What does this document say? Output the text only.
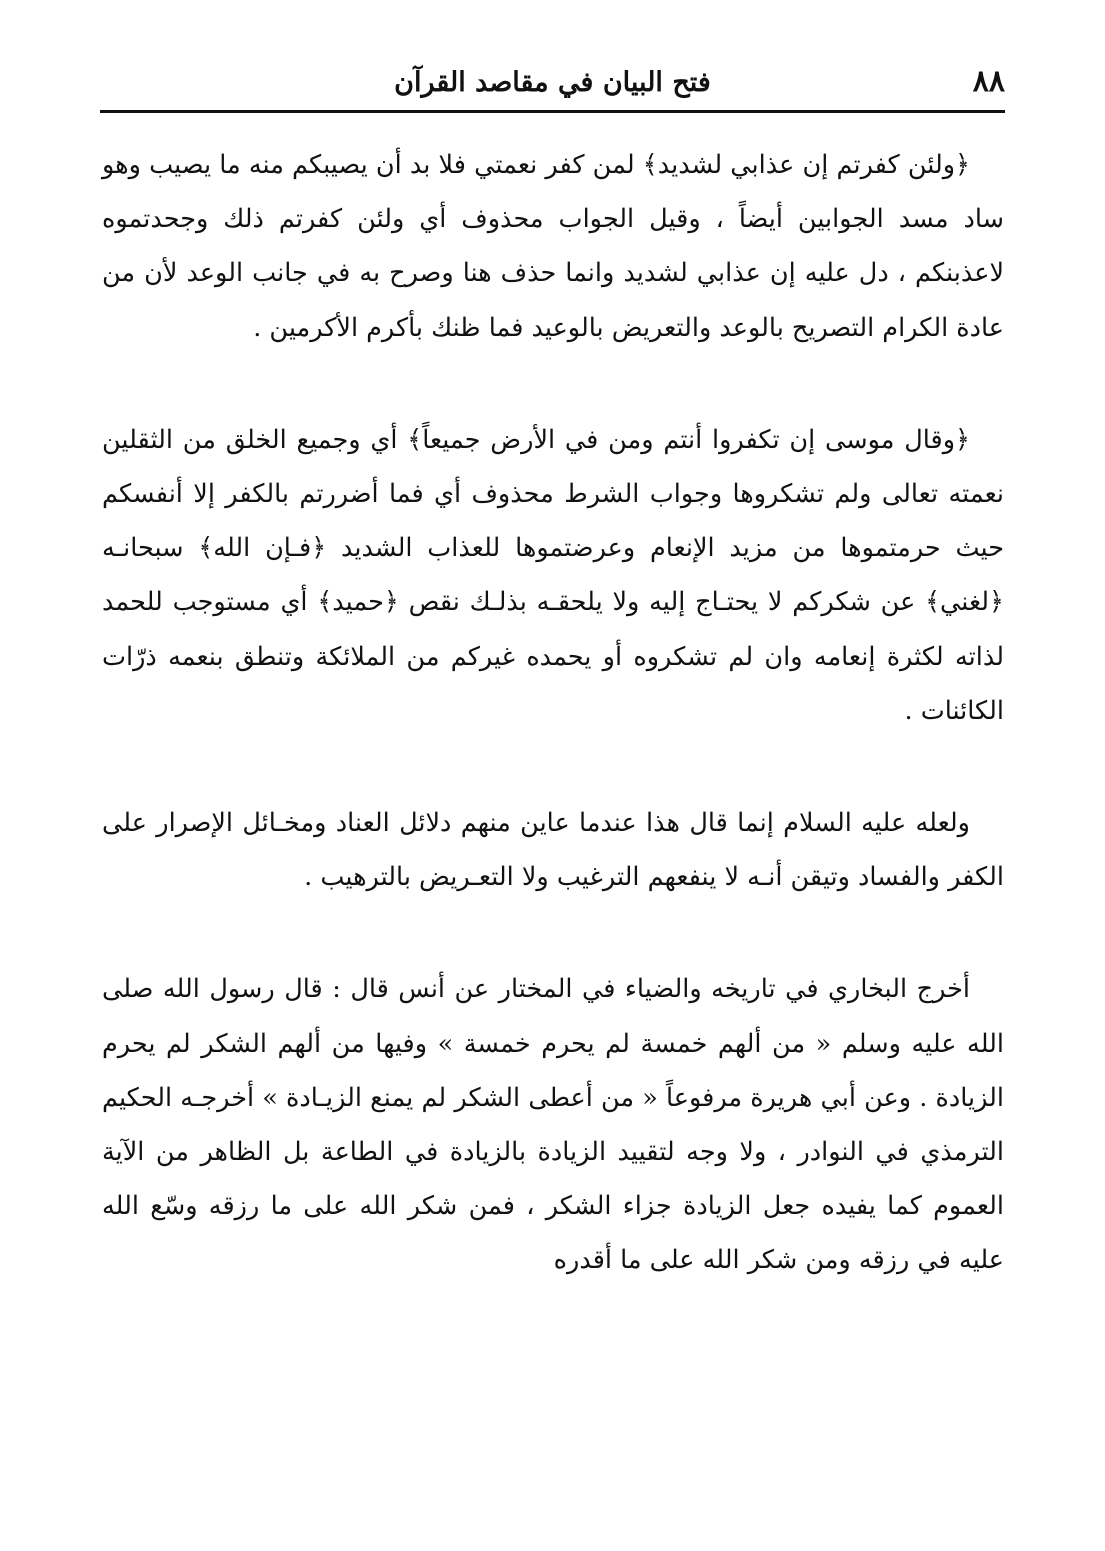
٨٨
فتح البيان في مقاصد القرآن

﴿ولئن كفرتم إن عذابي لشديد﴾ لمن كفر نعمتي فلا بد أن يصيبكم منه ما يصيب وهو ساد مسد الجوابين أيضاً ، وقيل الجواب محذوف أي ولئن كفرتم ذلك وجحدتموه لاعذبنكم ، دل عليه إن عذابي لشديد وانما حذف هنا وصرح به في جانب الوعد لأن من عادة الكرام التصريح بالوعد والتعريض بالوعيد فما ظنك بأكرم الأكرمين .

﴿وقال موسى إن تكفروا أنتم ومن في الأرض جميعاً﴾ أي وجميع الخلق من الثقلين نعمته تعالى ولم تشكروها وجواب الشرط محذوف أي فما أضررتم بالكفر إلا أنفسكم حيث حرمتموها من مزيد الإنعام وعرضتموها للعذاب الشديد ﴿فـإن الله﴾ سبحانـه ﴿لغني﴾ عن شكركم لا يحتـاج إليه ولا يلحقـه بذلـك نقص ﴿حميد﴾ أي مستوجب للحمد لذاته لكثرة إنعامه وان لم تشكروه أو يحمده غيركم من الملائكة وتنطق بنعمه ذرّات الكائنات .

ولعله عليه السلام إنما قال هذا عندما عاين منهم دلائل العناد ومخـائل الإصرار على الكفر والفساد وتيقن أنـه لا ينفعهم الترغيب ولا التعـريض بالترهيب .

أخرج البخاري في تاريخه والضياء في المختار عن أنس قال : قال رسول الله صلى الله عليه وسلم « من ألهم خمسة لم يحرم خمسة » وفيها من ألهم الشكر لم يحرم الزيادة . وعن أبي هريرة مرفوعاً « من أعطى الشكر لم يمنع الزيـادة » أخرجـه الحكيم الترمذي في النوادر ، ولا وجه لتقييد الزيادة بالزيادة في الطاعة بل الظاهر من الآية العموم كما يفيده جعل الزيادة جزاء الشكر ، فمن شكر الله على ما رزقه وسّع الله عليه في رزقه ومن شكر الله على ما أقدره
